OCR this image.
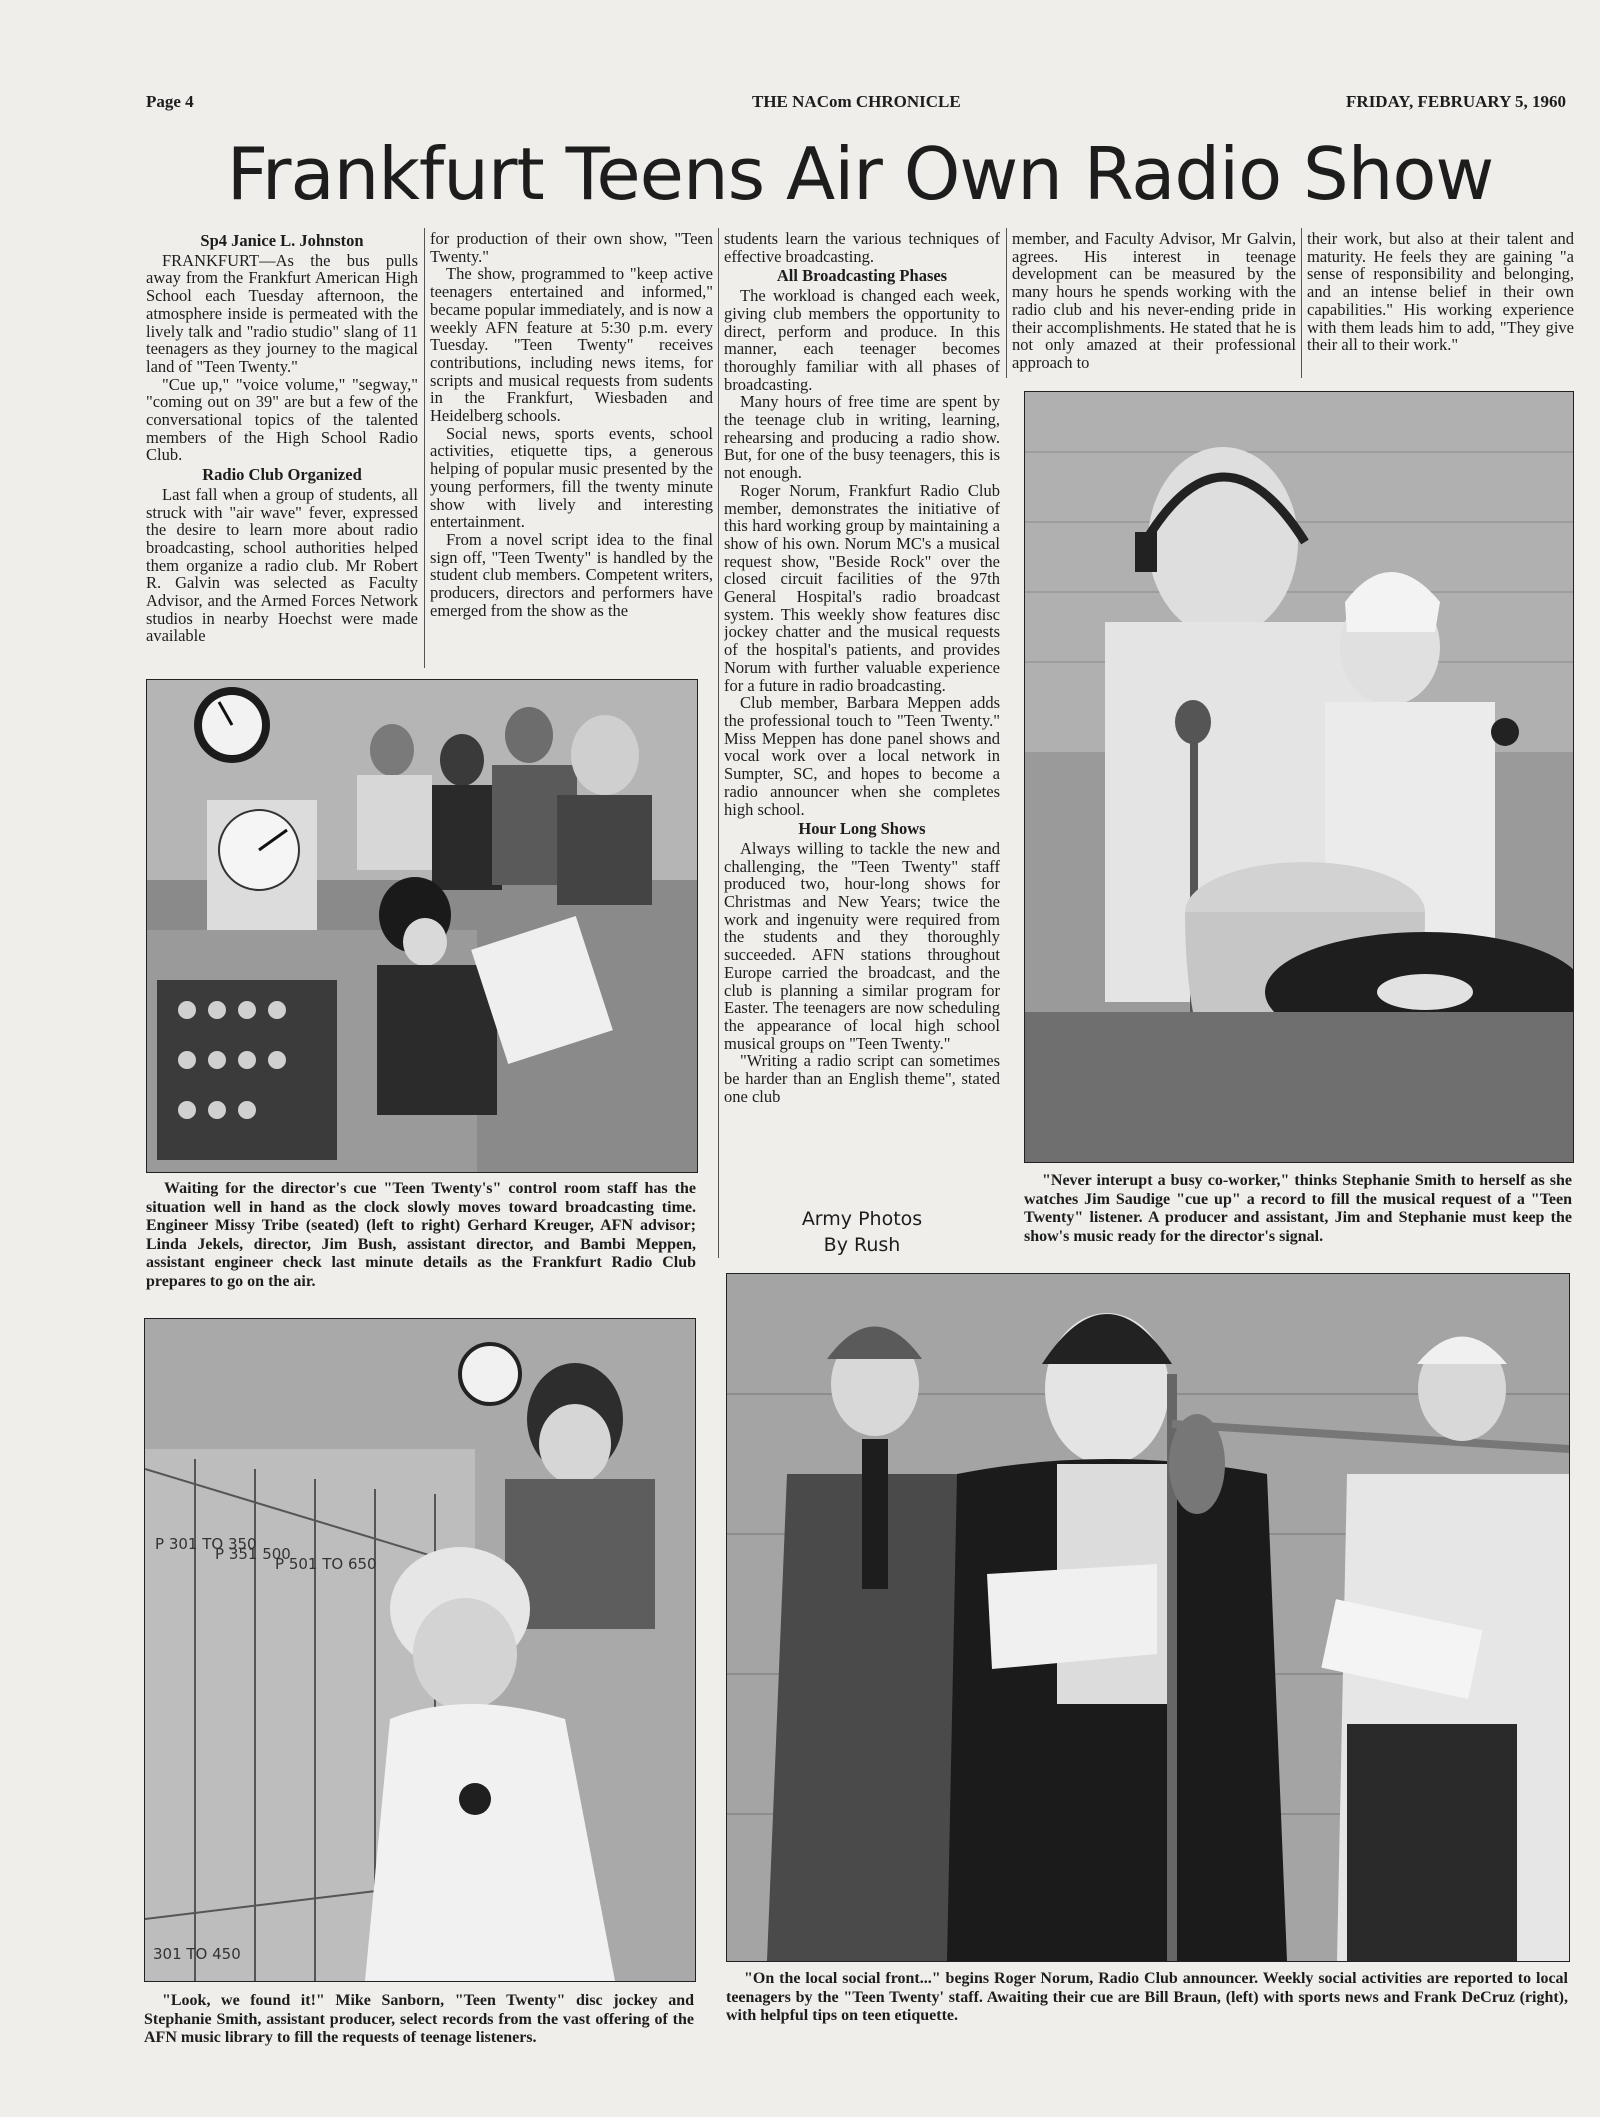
Page 4	THE NACom CHRONICLE	FRIDAY, FEBRUARY 5, 1960
Frankfurt Teens Air Own Radio Show
Sp4 Janice L. Johnston

FRANKFURT—As the bus pulls away from the Frankfurt American High School each Tuesday afternoon, the atmosphere inside is permeated with the lively talk and "radio studio" slang of 11 teenagers as they journey to the magical land of "Teen Twenty."

"Cue up," "voice volume," "segway," "coming out on 39" are but a few of the conversational topics of the talented members of the High School Radio Club.

Radio Club Organized

Last fall when a group of students, all struck with "air wave" fever, expressed the desire to learn more about radio broadcasting, school authorities helped them organize a radio club. Mr Robert R. Galvin was selected as Faculty Advisor, and the Armed Forces Network studios in nearby Hoechst were made available

for production of their own show, "Teen Twenty."

The show, programmed to "keep active teenagers entertained and informed," became popular immediately, and is now a weekly AFN feature at 5:30 p.m. every Tuesday. "Teen Twenty" receives contributions, including news items, for scripts and musical requests from sudents in the Frankfurt, Wiesbaden and Heidelberg schools.

Social news, sports events, school activities, etiquette tips, a generous helping of popular music presented by the young performers, fill the twenty minute show with lively and interesting entertainment.

From a novel script idea to the final sign off, "Teen Twenty" is handled by the student club members. Competent writers, producers, directors and performers have emerged from the show as the

students learn the various techniques of effective broadcasting.

All Broadcasting Phases

The workload is changed each week, giving club members the opportunity to direct, perform and produce. In this manner, each teenager becomes thoroughly familiar with all phases of broadcasting.

Many hours of free time are spent by the teenage club in writing, learning, rehearsing and producing a radio show. But, for one of the busy teenagers, this is not enough.

Roger Norum, Frankfurt Radio Club member, demonstrates the initiative of this hard working group by maintaining a show of his own. Norum MC's a musical request show, "Beside Rock" over the closed circuit facilities of the 97th General Hospital's radio broadcast system. This weekly show features disc jockey chatter and the musical requests of the hospital's patients, and provides Norum with further valuable experience for a future in radio broadcasting.

Club member, Barbara Meppen adds the professional touch to "Teen Twenty." Miss Meppen has done panel shows and vocal work over a local network in Sumpter, SC, and hopes to become a radio announcer when she completes high school.

Hour Long Shows

Always willing to tackle the new and challenging, the "Teen Twenty" staff produced two, hour-long shows for Christmas and New Years; twice the work and ingenuity were required from the students and they thoroughly succeeded. AFN stations throughout Europe carried the broadcast, and the club is planning a similar program for Easter. The teenagers are now scheduling the appearance of local high school musical groups on "Teen Twenty."

"Writing a radio script can sometimes be harder than an English theme", stated one club

Army Photos
By Rush

member, and Faculty Advisor, Mr Galvin, agrees. His interest in teenage development can be measured by the many hours he spends working with the radio club and his never-ending pride in their accomplishments. He stated that he is not only amazed at their professional approach to

their work, but also at their talent and maturity. He feels they are gaining "a sense of responsibility and belonging, and an intense belief in their own capabilities." His working experience with them leads him to add, "They give their all to their work."

Waiting for the director's cue "Teen Twenty's" control room staff has the situation well in hand as the clock slowly moves toward broadcasting time. Engineer Missy Tribe (seated) (left to right) Gerhard Kreuger, AFN advisor; Linda Jekels, director, Jim Bush, assistant director, and Bambi Meppen, assistant engineer check last minute details as the Frankfurt Radio Club prepares to go on the air.

"Never interupt a busy co-worker," thinks Stephanie Smith to herself as she watches Jim Saudige "cue up" a record to fill the musical request of a "Teen Twenty" listener. A producer and assistant, Jim and Stephanie must keep the show's music ready for the director's signal.

P 301 TO 350
P 351 500
P 501 TO 650
301 TO 450

"Look, we found it!" Mike Sanborn, "Teen Twenty" disc jockey and Stephanie Smith, assistant producer, select records from the vast offering of the AFN music library to fill the requests of teenage listeners.

"On the local social front..." begins Roger Norum, Radio Club announcer. Weekly social activities are reported to local teenagers by the "Teen Twenty' staff. Awaiting their cue are Bill Braun, (left) with sports news and Frank DeCruz (right), with helpful tips on teen etiquette.
